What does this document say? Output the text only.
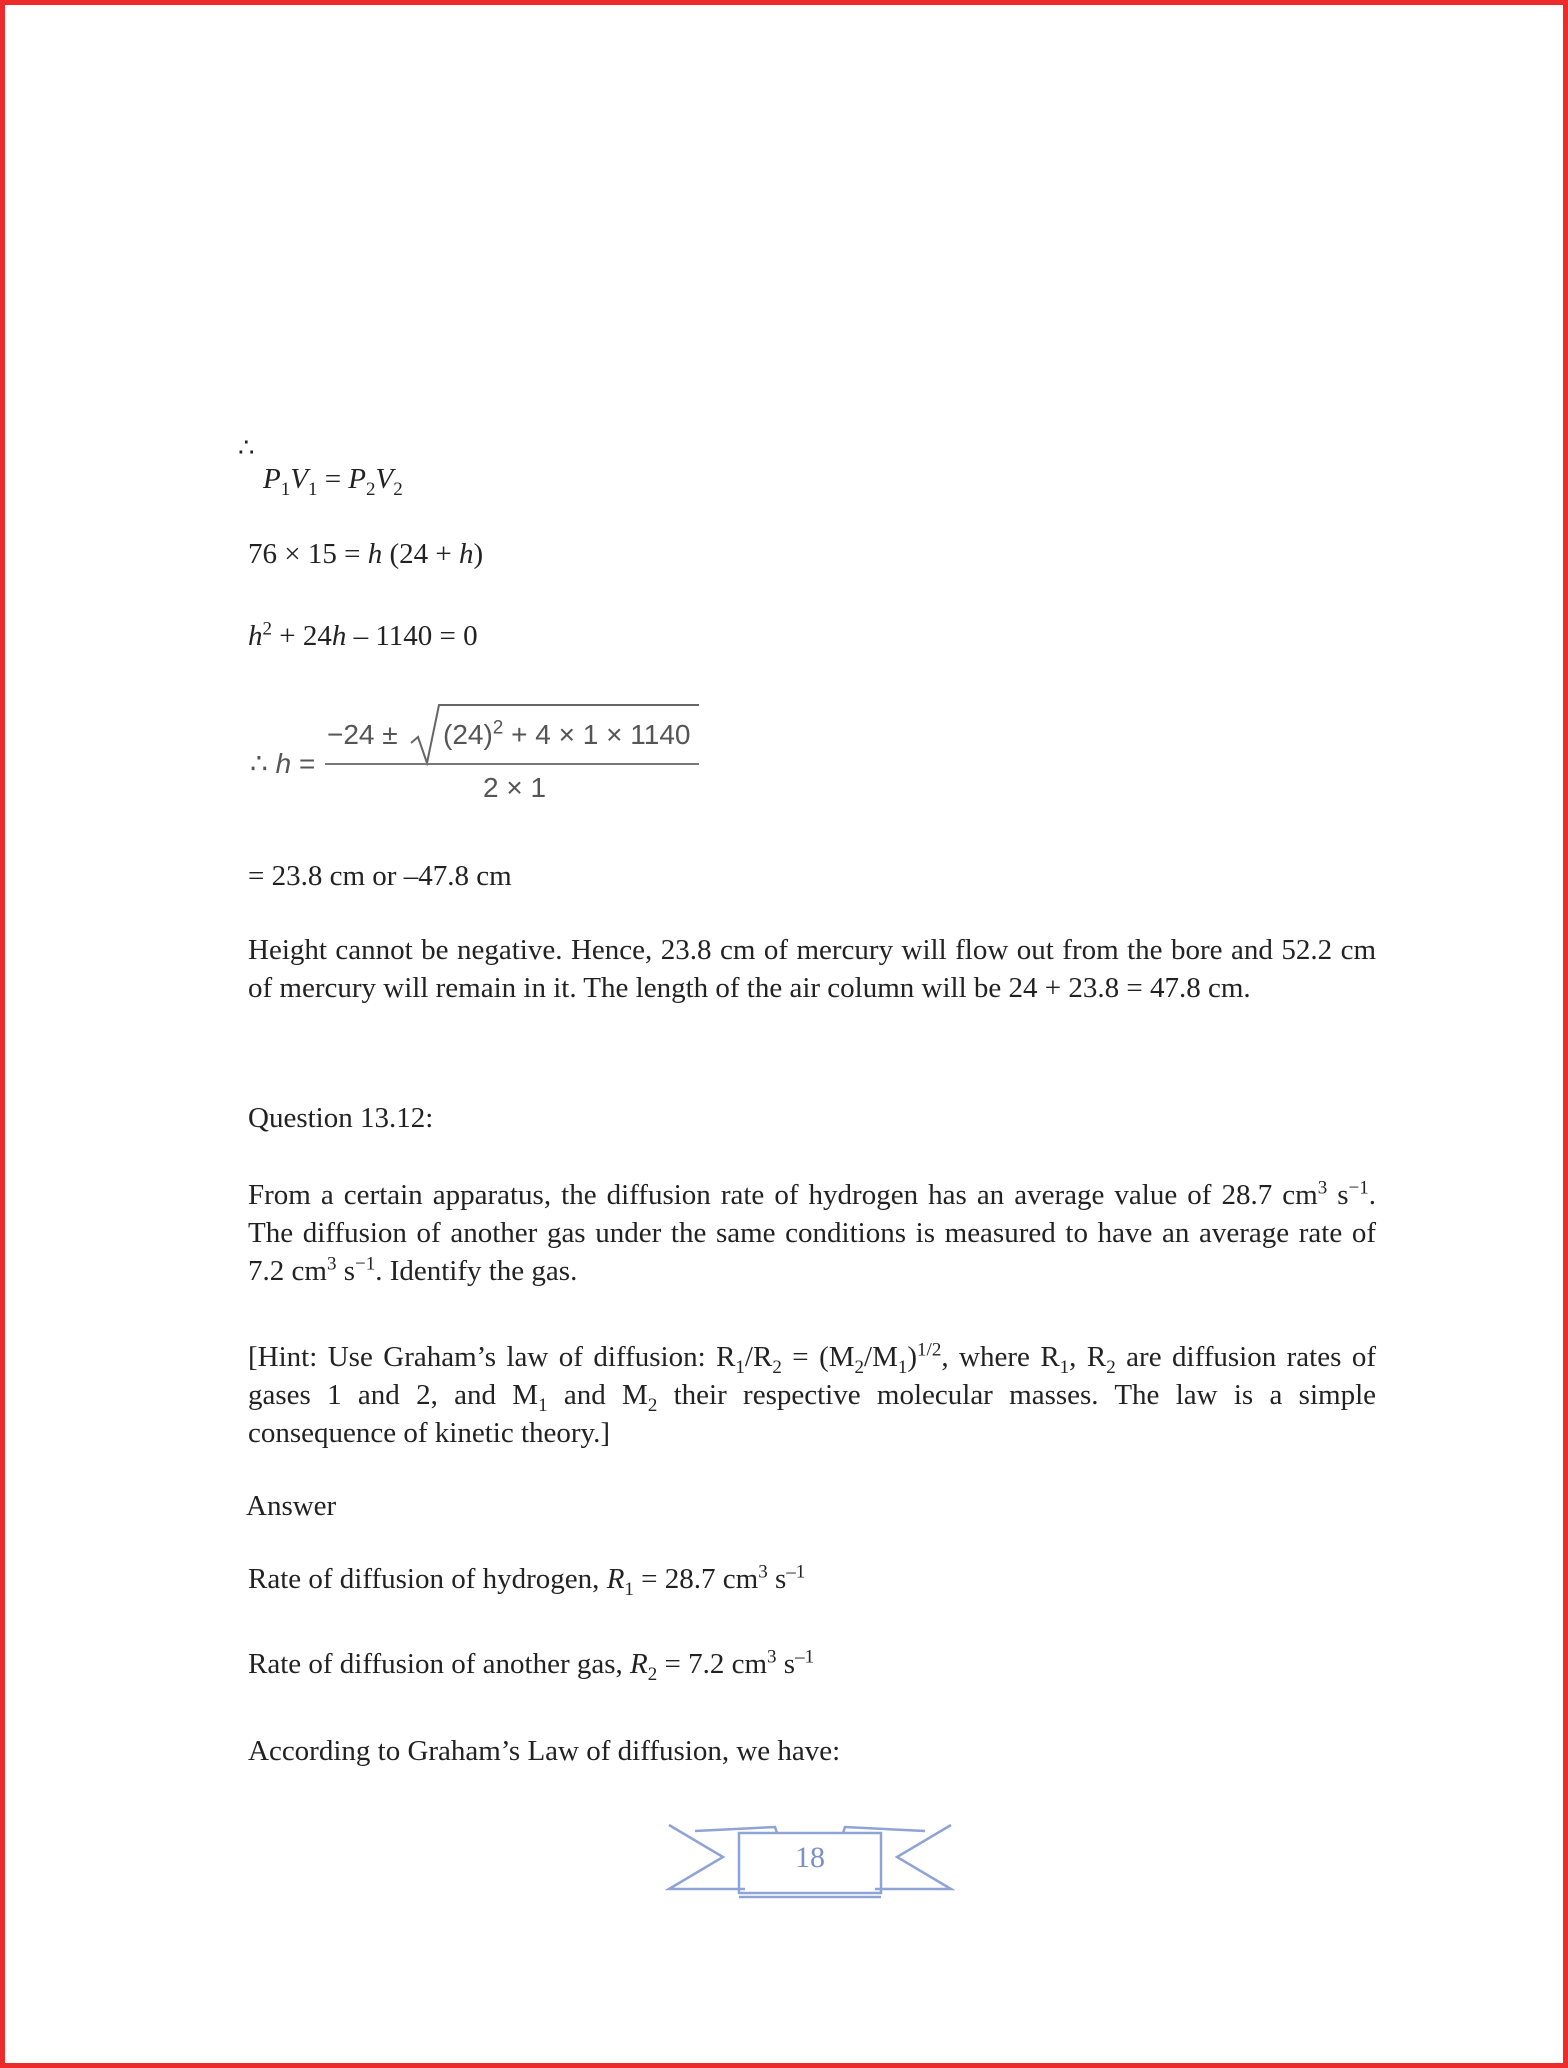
∴
$P_1V_1 = P_2V_2$
76 × 15 = h (24 + h)
$h^2 + 24h - 1140 = 0$
∴ h =
$-24 \pm (24)^2 + 4 \times 1 \times 1140$
2 × 1
= 23.8 cm or –47.8 cm
Height cannot be negative. Hence, 23.8 cm of mercury will flow out from the bore and 52.2 cm of mercury will remain in it. The length of the air column will be 24 + 23.8 = 47.8 cm.
Question 13.12:
From a certain apparatus, the diffusion rate of hydrogen has an average value of 28.7 $cm^3$ $s^{-1}$. The diffusion of another gas under the same conditions is measured to have an average rate of 7.2 $cm^3$ $s^{-1}$. Identify the gas.
[Hint: Use Graham’s law of diffusion: $R_1/R_2 = (M_2/M_1)^{1/2}$, where $R_1$, $R_2$ are diffusion rates of gases 1 and 2, and $M_1$ and $M_2$ their respective molecular masses. The law is a simple consequence of kinetic theory.]
Answer
Rate of diffusion of hydrogen, $R_1 = 28.7$ $cm^3$ $s^{-1}$
Rate of diffusion of another gas, $R_2 = 7.2$ $cm^3$ $s^{-1}$
According to Graham’s Law of diffusion, we have:
18
